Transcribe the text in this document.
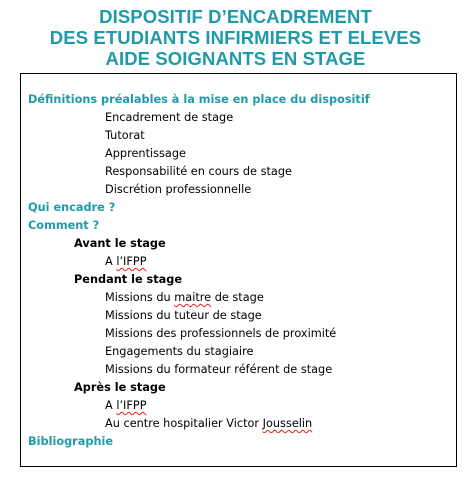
DISPOSITIF D’ENCADREMENT
DES ETUDIANTS INFIRMIERS ET ELEVES
AIDE SOIGNANTS EN STAGE
Définitions préalables à la mise en place du dispositif
Encadrement de stage
Tutorat
Apprentissage
Responsabilité en cours de stage
Discrétion professionnelle
Qui encadre ?
Comment ?
Avant le stage
A l’IFPP
Pendant le stage
Missions du maitre de stage
Missions du tuteur de stage
Missions des professionnels de proximité
Engagements du stagiaire
Missions du formateur référent de stage
Après le stage
A l’IFPP
Au centre hospitalier Victor Jousselin
Bibliographie
